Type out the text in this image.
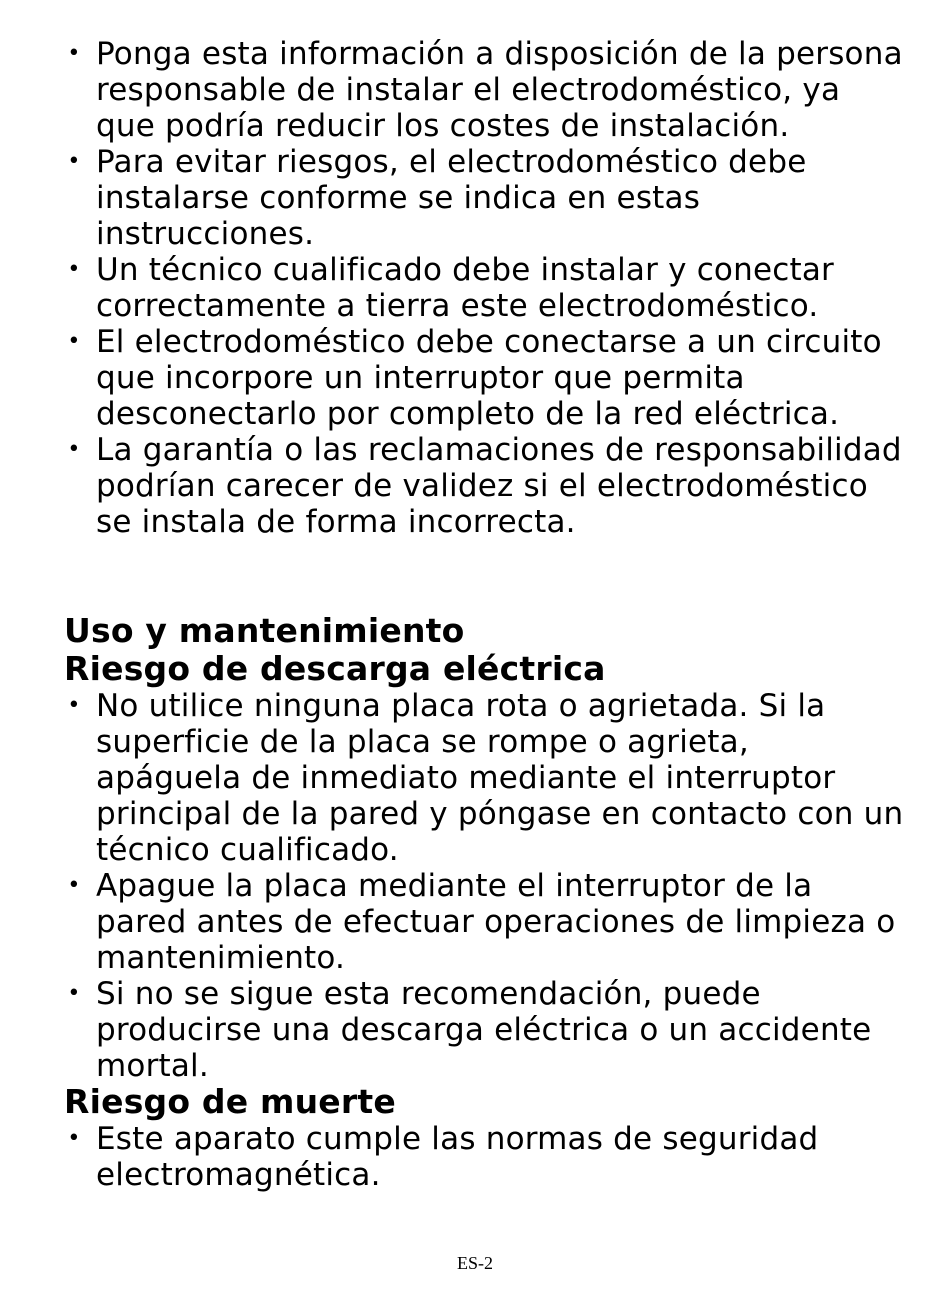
• Ponga esta información a disposición de la persona responsable de instalar el electrodoméstico, ya que podría reducir los costes de instalación.
• Para evitar riesgos, el electrodoméstico debe instalarse conforme se indica en estas instrucciones.
• Un técnico cualificado debe instalar y conectar correctamente a tierra este electrodoméstico.
• El electrodoméstico debe conectarse a un circuito que incorpore un interruptor que permita desconectarlo por completo de la red eléctrica.
• La garantía o las reclamaciones de responsabilidad podrían carecer de validez si el electrodoméstico se instala de forma incorrecta.
Uso y mantenimiento
Riesgo de descarga eléctrica
• No utilice ninguna placa rota o agrietada. Si la superficie de la placa se rompe o agrieta, apáguela de inmediato mediante el interruptor principal de la pared y póngase en contacto con un técnico cualificado.
• Apague la placa mediante el interruptor de la pared antes de efectuar operaciones de limpieza o mantenimiento.
• Si no se sigue esta recomendación, puede producirse una descarga eléctrica o un accidente mortal.
Riesgo de muerte
• Este aparato cumple las normas de seguridad electromagnética.
ES-2
